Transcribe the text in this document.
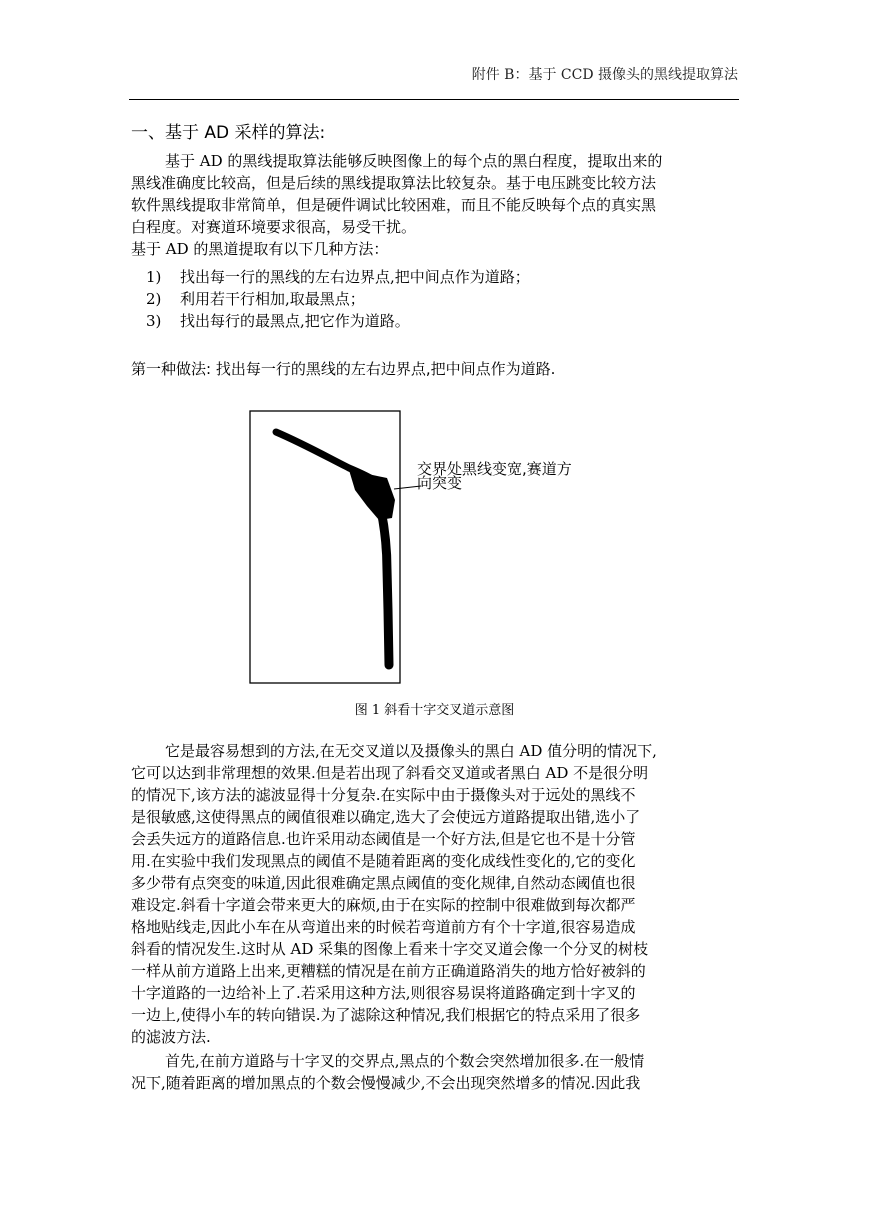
附件 B：基于 CCD 摄像头的黑线提取算法
一、基于 AD 采样的算法:
基于 AD 的黑线提取算法能够反映图像上的每个点的黑白程度，提取出来的
黑线准确度比较高，但是后续的黑线提取算法比较复杂。基于电压跳变比较方法
软件黑线提取非常简单，但是硬件调试比较困难，而且不能反映每个点的真实黑
白程度。对赛道环境要求很高，易受干扰。
基于 AD 的黑道提取有以下几种方法：
1) 找出每一行的黑线的左右边界点,把中间点作为道路；
2) 利用若干行相加,取最黑点；
3) 找出每行的最黑点,把它作为道路。
第一种做法: 找出每一行的黑线的左右边界点,把中间点作为道路.
交界处黑线变宽,赛道方
向突变
图 1 斜看十字交叉道示意图
它是最容易想到的方法,在无交叉道以及摄像头的黑白 AD 值分明的情况下,
它可以达到非常理想的效果.但是若出现了斜看交叉道或者黑白 AD 不是很分明
的情况下,该方法的滤波显得十分复杂.在实际中由于摄像头对于远处的黑线不
是很敏感,这使得黑点的阈值很难以确定,选大了会使远方道路提取出错,选小了
会丢失远方的道路信息.也许采用动态阈值是一个好方法,但是它也不是十分管
用.在实验中我们发现黑点的阈值不是随着距离的变化成线性变化的,它的变化
多少带有点突变的味道,因此很难确定黑点阈值的变化规律,自然动态阈值也很
难设定.斜看十字道会带来更大的麻烦,由于在实际的控制中很难做到每次都严
格地贴线走,因此小车在从弯道出来的时候若弯道前方有个十字道,很容易造成
斜看的情况发生.这时从 AD 采集的图像上看来十字交叉道会像一个分叉的树枝
一样从前方道路上出来,更糟糕的情况是在前方正确道路消失的地方恰好被斜的
十字道路的一边给补上了.若采用这种方法,则很容易误将道路确定到十字叉的
一边上,使得小车的转向错误.为了滤除这种情况,我们根据它的特点采用了很多
的滤波方法.
首先,在前方道路与十字叉的交界点,黑点的个数会突然增加很多.在一般情
况下,随着距离的增加黑点的个数会慢慢减少,不会出现突然增多的情况.因此我
